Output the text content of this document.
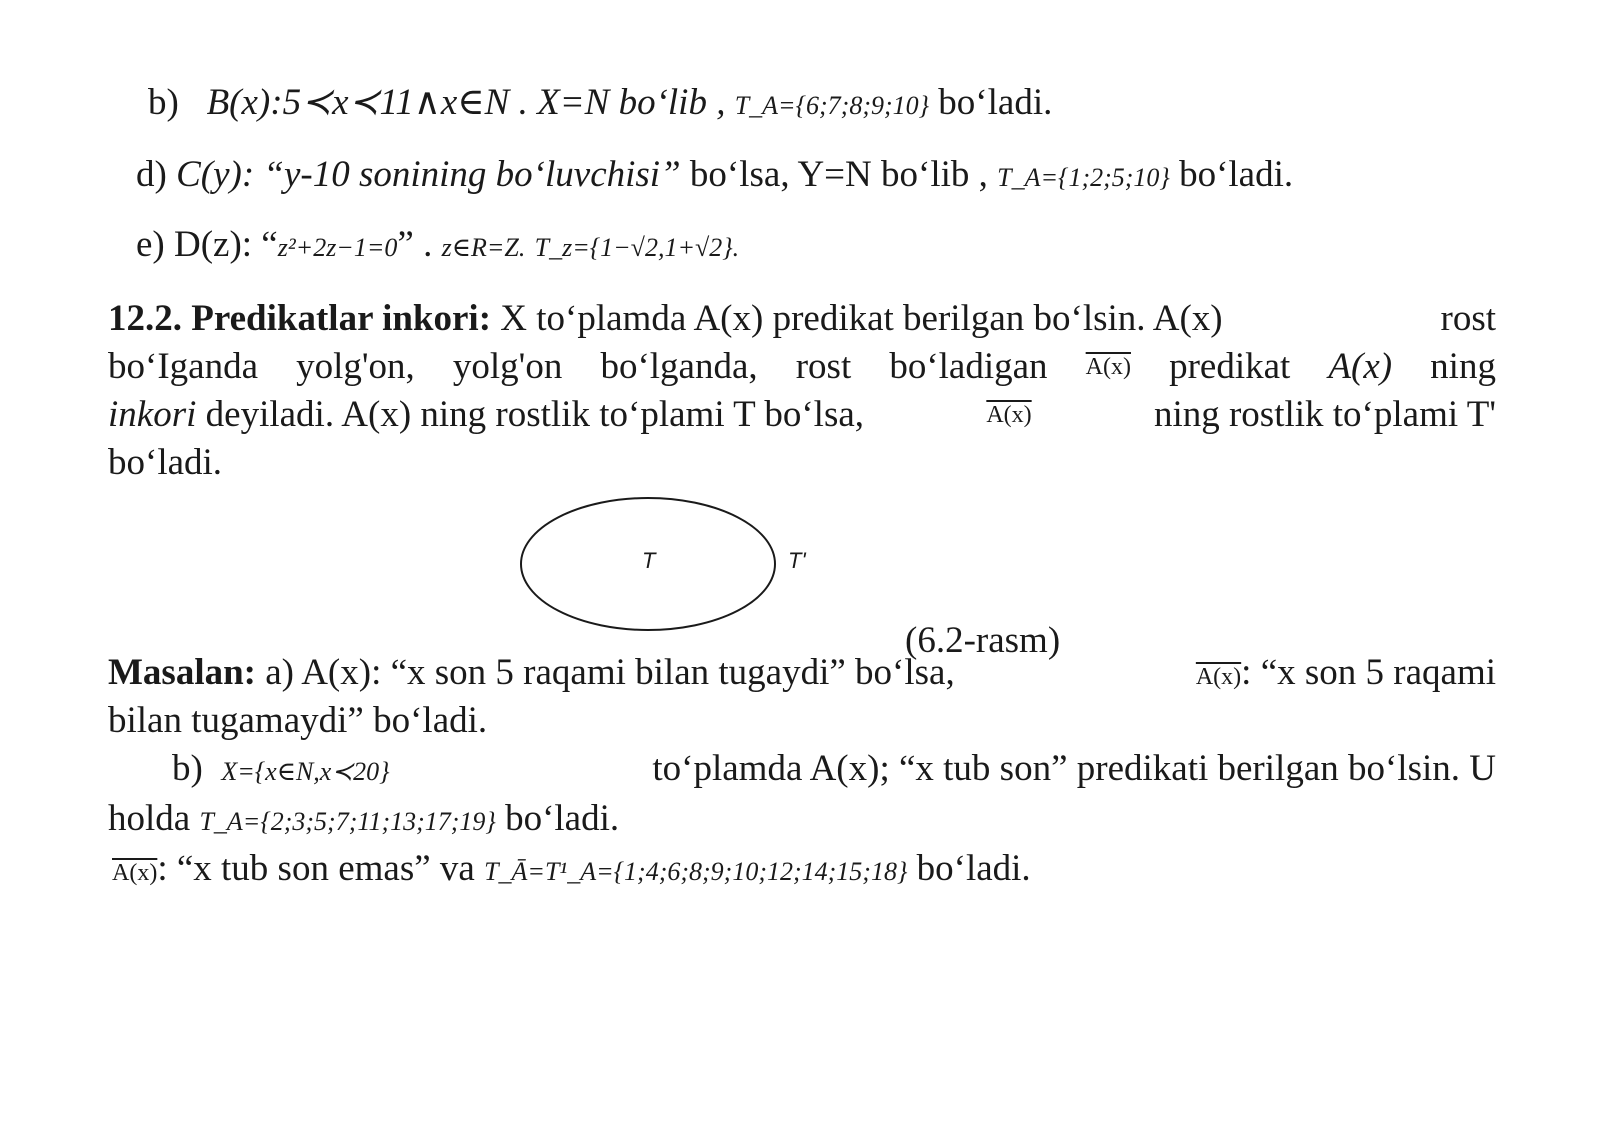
b) B(x):5≺x≺11∧x∈N . X=N bo‘lib , T_A={6;7;8;9;10} bo‘ladi.
d) C(y): “y-10 sonining bo‘luvchisi” bo‘lsa, Y=N bo‘lib , T_A={1;2;5;10} bo‘ladi.
e) D(z): “z²+2z−1=0” . z∈R=Z. T_z={1−√2,1+√2}.
12.2. Predikatlar inkori: X to‘plamda A(x) predikat berilgan bo‘lsin. A(x)	rost
bo‘Iganda yolg'on, yolg'on bo‘lganda, rost bo‘ladigan A(x) predikat A(x) ning
inkori deyiladi. A(x) ning rostlik to‘plami T bo‘lsa,	A(x)	ning rostlik to‘plami T'
bo‘ladi.
T	T'
(6.2-rasm)
Masalan: a) A(x): “x son 5 raqami bilan tugaydi” bo‘lsa,	A(x): “x son 5 raqami
bilan tugamaydi” bo‘ladi.
b) X={x∈N,x≺20}	to‘plamda A(x); “x tub son” predikati berilgan bo‘lsin. U
holda T_A={2;3;5;7;11;13;17;19} bo‘ladi.
A(x): “x tub son emas” va T_Ā=T¹_A={1;4;6;8;9;10;12;14;15;18} bo‘ladi.
